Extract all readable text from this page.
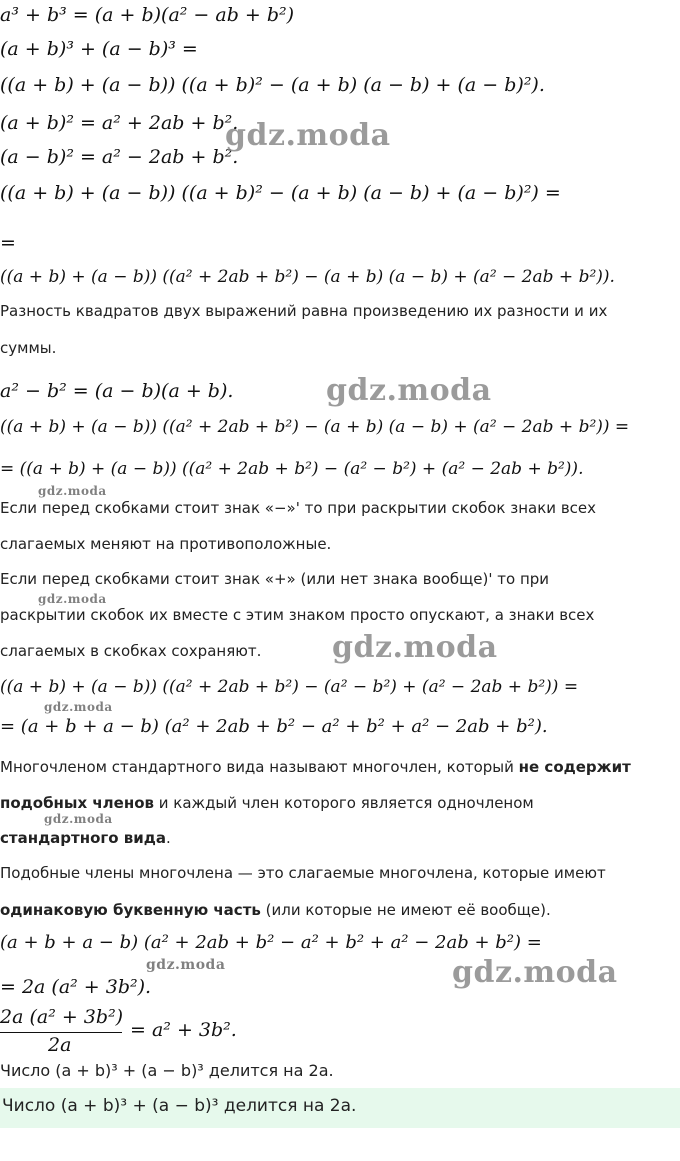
a³ + b³ = (a + b)(a² − ab + b²)
(a + b)³ + (a − b)³ =
((a + b) + (a − b)) ((a + b)² − (a + b) (a − b) + (a − b)²).
(a + b)² = a² + 2ab + b².
(a − b)² = a² − 2ab + b².
((a + b) + (a − b)) ((a + b)² − (a + b) (a − b) + (a − b)²) =
=
((a + b) + (a − b)) ((a² + 2ab + b²) − (a + b) (a − b) + (a² − 2ab + b²)).
Разность квадратов двух выражений равна произведению их разности и их
суммы.
a² − b² = (a − b)(a + b).
((a + b) + (a − b)) ((a² + 2ab + b²) − (a + b) (a − b) + (a² − 2ab + b²)) =
= ((a + b) + (a − b)) ((a² + 2ab + b²) − (a² − b²) + (a² − 2ab + b²)).
Если перед скобками стоит знак «−»' то при раскрытии скобок знаки всех
слагаемых меняют на противоположные.
Если перед скобками стоит знак «+» (или нет знака вообще)' то при
раскрытии скобок их вместе с этим знаком просто опускают, а знаки всех
слагаемых в скобках сохраняют.
((a + b) + (a − b)) ((a² + 2ab + b²) − (a² − b²) + (a² − 2ab + b²)) =
= (a + b + a − b) (a² + 2ab + b² − a² + b² + a² − 2ab + b²).
Многочленом стандартного вида называют многочлен, который не содержит
подобных членов и каждый член которого является одночленом
стандартного вида.
Подобные члены многочлена — это слагаемые многочлена, которые имеют
одинаковую буквенную часть (или которые не имеют её вообще).
(a + b + a − b) (a² + 2ab + b² − a² + b² + a² − 2ab + b²) =
= 2a (a² + 3b²).
2a (a² + 3b²)
2a
= a² + 3b².
Число (a + b)³ + (a − b)³ делится на 2a.
Число (a + b)³ + (a − b)³ делится на 2a.
gdz.moda
gdz.moda
gdz.moda
gdz.moda
gdz.moda
gdz.moda
gdz.moda
gdz.moda	gdz.moda
